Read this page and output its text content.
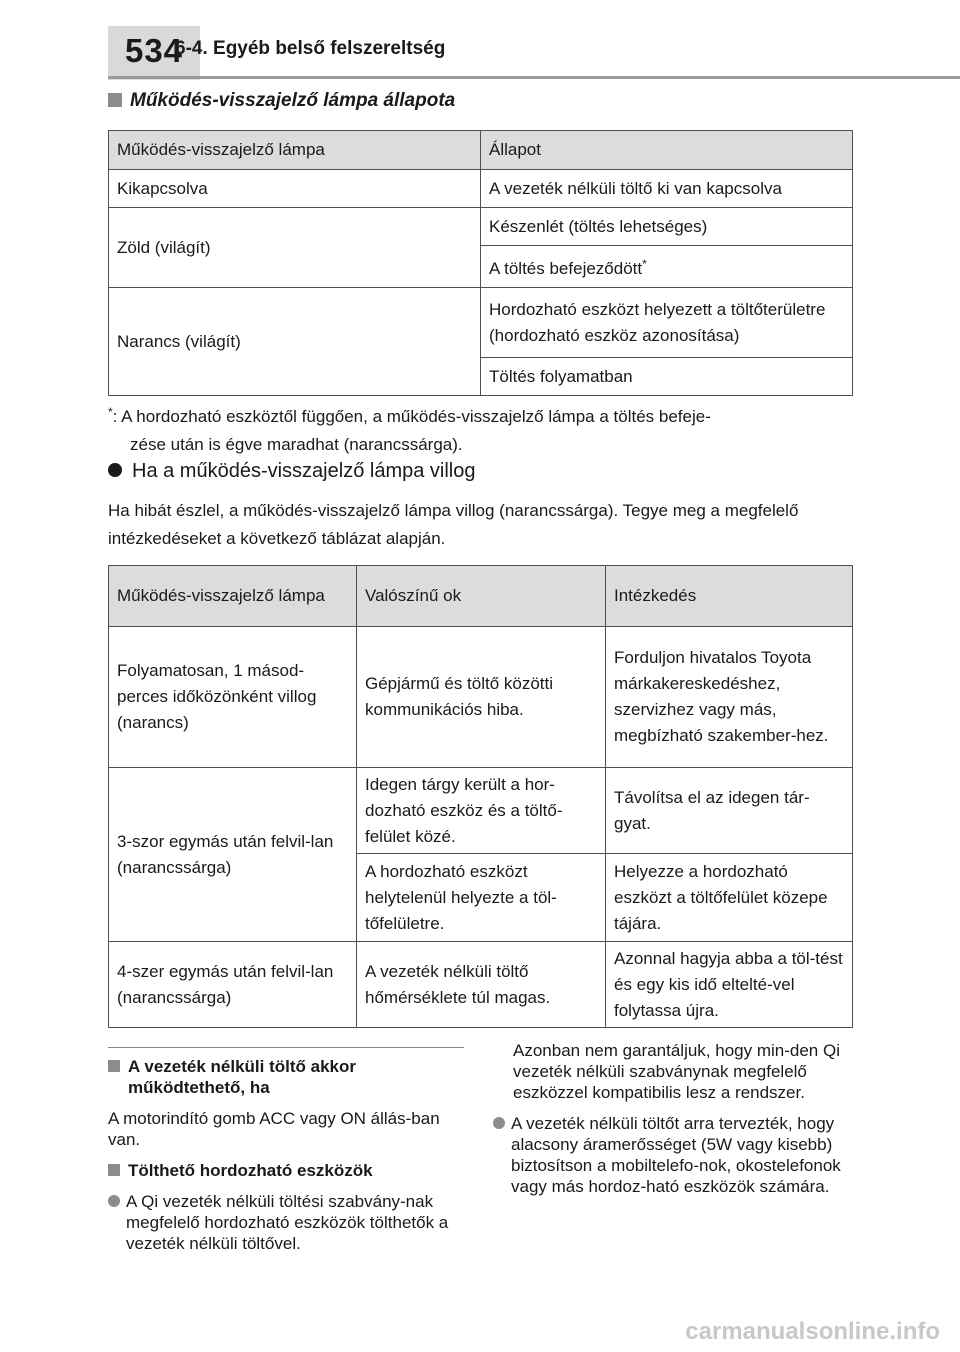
534
6-4. Egyéb belső felszereltség
Működés-visszajelző lámpa állapota
Működés-visszajelző lámpa	Állapot
Kikapcsolva	A vezeték nélküli töltő ki van kapcsolva
Zöld (világít)	Készenlét (töltés lehetséges)
	A töltés befejeződött*
Narancs (világít)	Hordozható eszközt helyezett a töltőterületre (hordozható eszköz azonosítása)
	Töltés folyamatban
*: A hordozható eszköztől függően, a működés-visszajelző lámpa a töltés befeje-
zése után is égve maradhat (narancssárga).
Ha a működés-visszajelző lámpa villog
Ha hibát észlel, a működés-visszajelző lámpa villog (narancssárga). Tegye meg a megfelelő intézkedéseket a következő táblázat alapján.
Működés-visszajelző lámpa	Valószínű ok	Intézkedés
Folyamatosan, 1 másod-perces időközönként villog (narancs)	Gépjármű és töltő közötti kommunikációs hiba.	Forduljon hivatalos Toyota márkakereskedéshez, szervizhez vagy más, megbízható szakember-hez.
3-szor egymás után felvil-lan (narancssárga)	Idegen tárgy került a hor-dozható eszköz és a töltő-felület közé.	Távolítsa el az idegen tár-gyat.
	A hordozható eszközt helytelenül helyezte a töl-tőfelületre.	Helyezze a hordozható eszközt a töltőfelület közepe tájára.
4-szer egymás után felvil-lan (narancssárga)	A vezeték nélküli töltő hőmérséklete túl magas.	Azonnal hagyja abba a töl-tést és egy kis idő eltelté-vel folytassa újra.
A vezeték nélküli töltő akkor működtethető, ha
A motorindító gomb ACC vagy ON állás-ban van.
Tölthető hordozható eszközök
A Qi vezeték nélküli töltési szabvány-nak megfelelő hordozható eszközök tölthetők a vezeték nélküli töltővel.
Azonban nem garantáljuk, hogy min-den Qi vezeték nélküli szabványnak megfelelő eszközzel kompatibilis lesz a rendszer.
A vezeték nélküli töltőt arra tervezték, hogy alacsony áramerősséget (5W vagy kisebb) biztosítson a mobiltelefo-nok, okostelefonok vagy más hordoz-ható eszközök számára.
carmanualsonline.info
